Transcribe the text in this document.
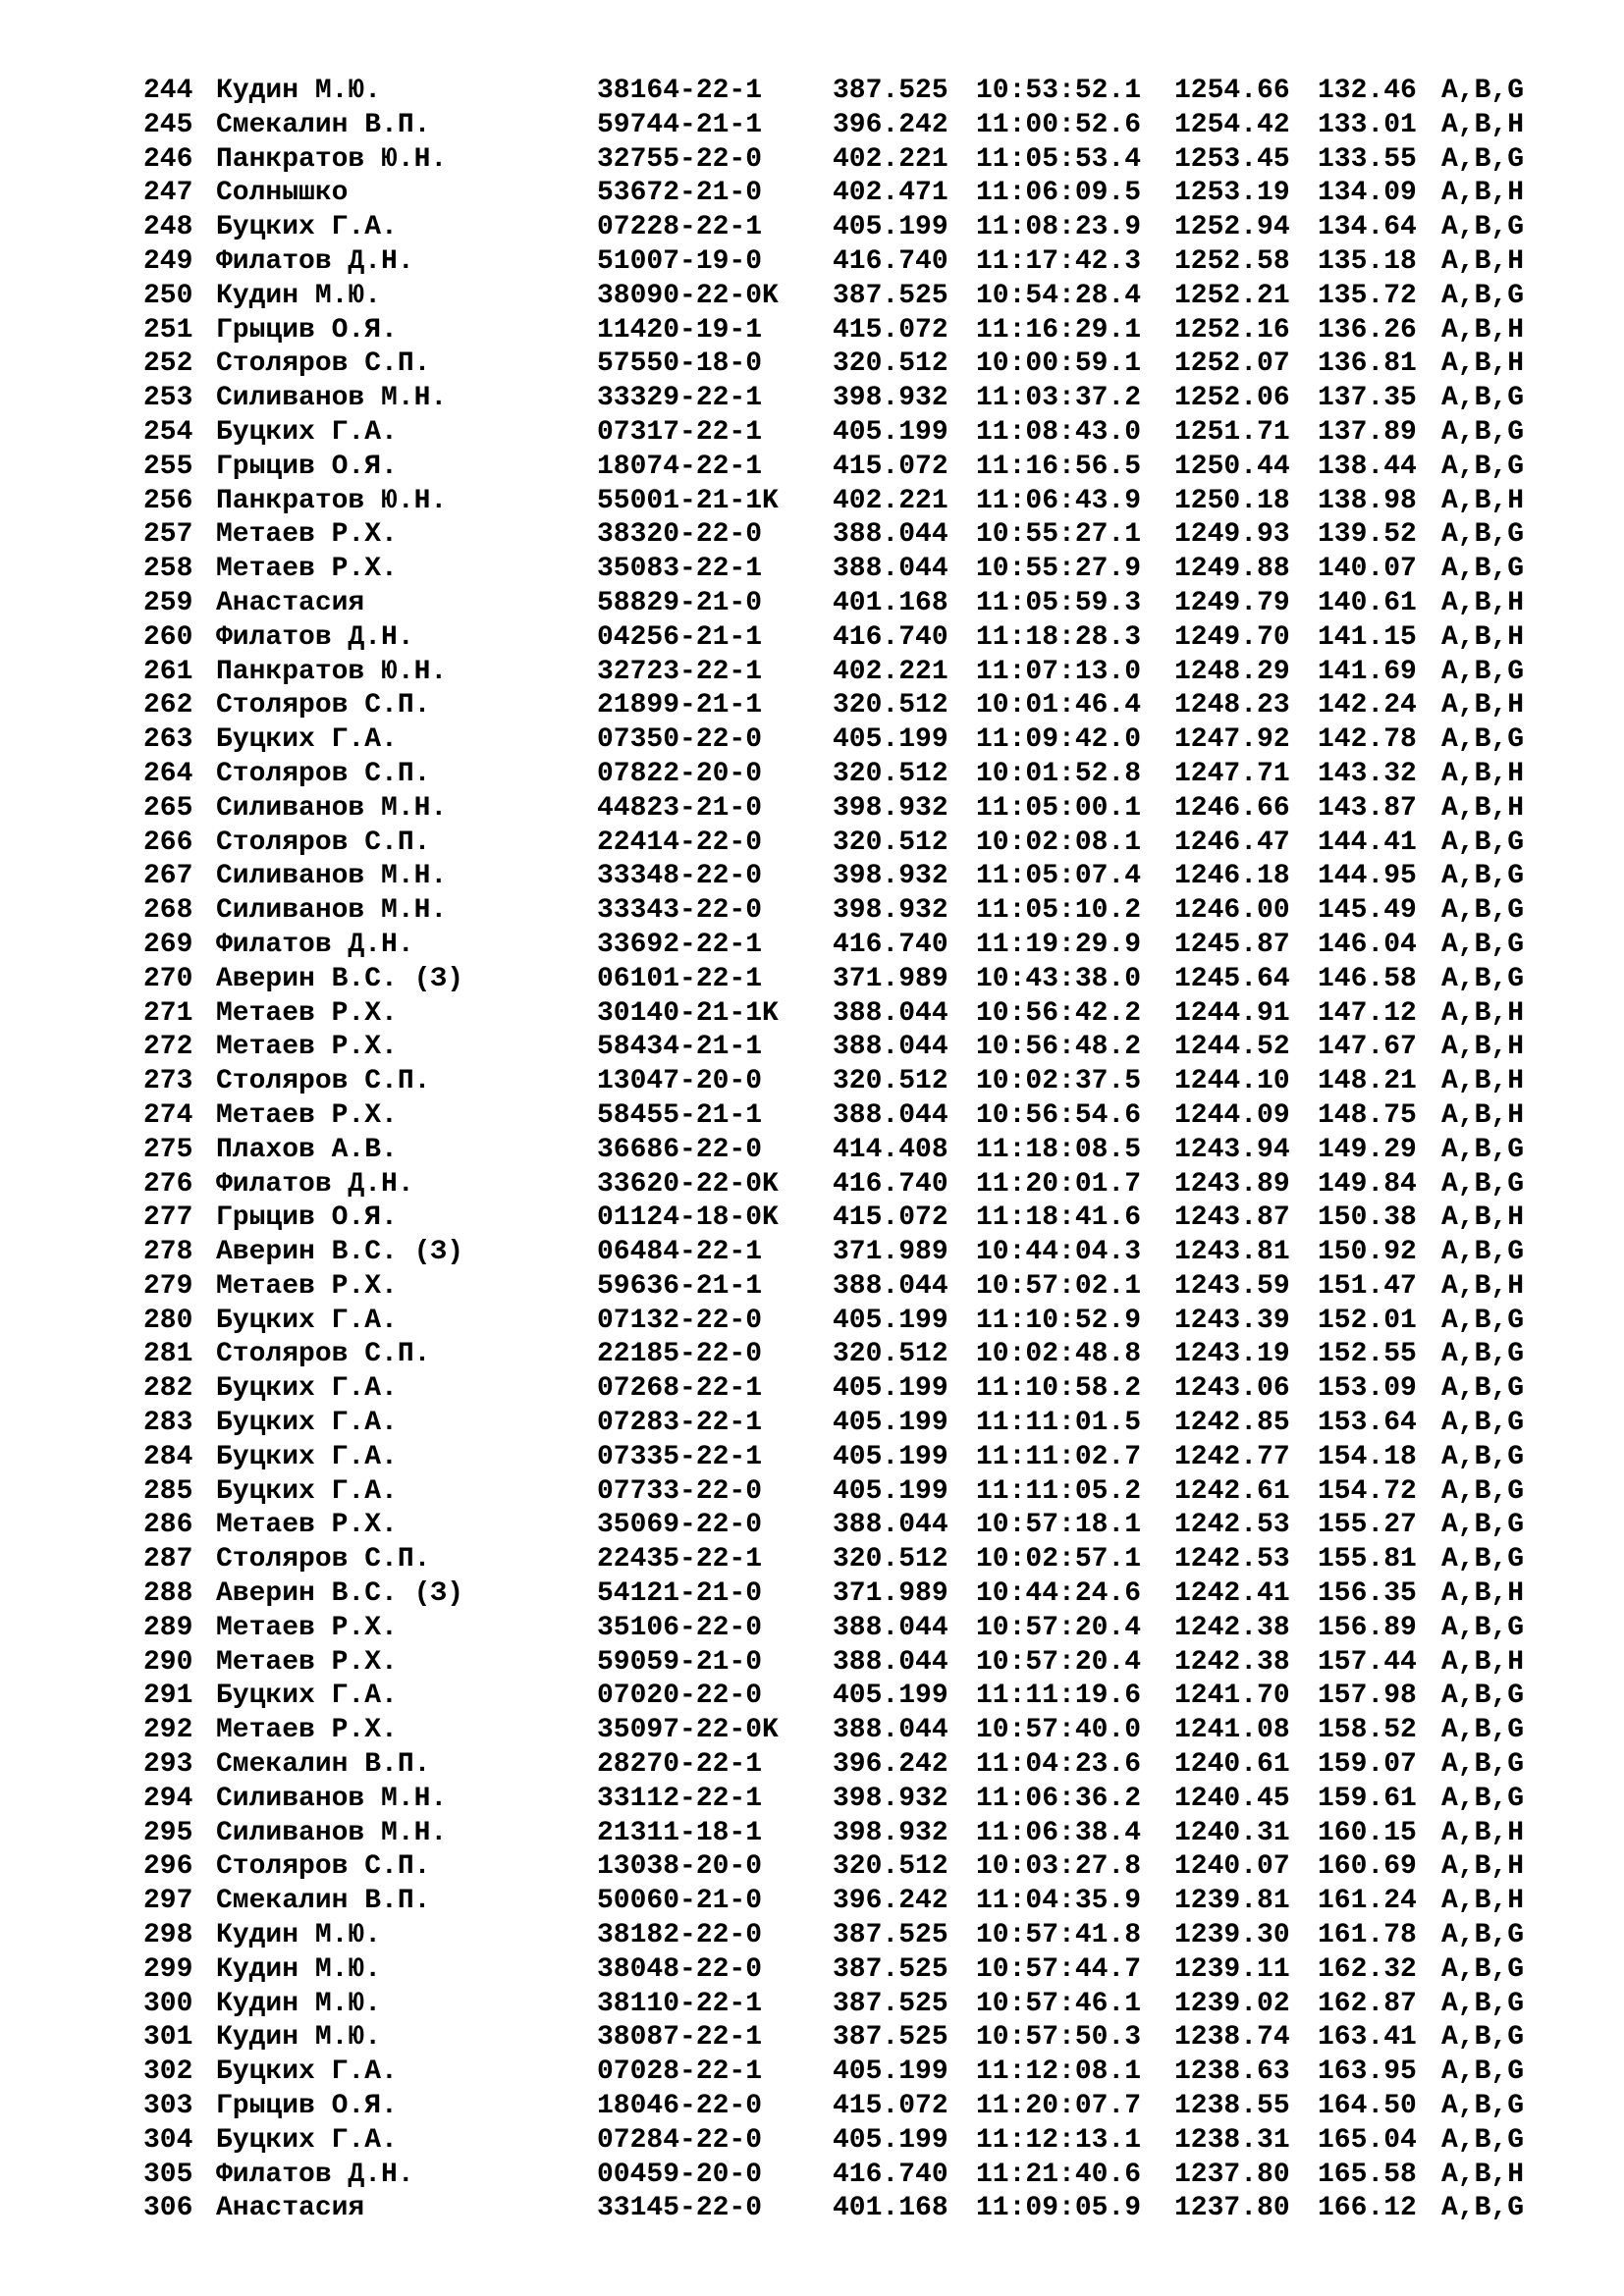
244 Кудин М.Ю.	38164-22-1	387.525 10:53:52.1 1254.66 132.46 A,B,G
245 Смекалин В.П.	59744-21-1	396.242 11:00:52.6 1254.42 133.01 A,B,H
246 Панкратов Ю.Н.	32755-22-0	402.221 11:05:53.4 1253.45 133.55 A,B,G
247 Солнышко	53672-21-0	402.471 11:06:09.5 1253.19 134.09 A,B,H
248 Буцких Г.А.	07228-22-1	405.199 11:08:23.9 1252.94 134.64 A,B,G
249 Филатов Д.Н.	51007-19-0	416.740 11:17:42.3 1252.58 135.18 A,B,H
250 Кудин М.Ю.	38090-22-0K 387.525 10:54:28.4 1252.21 135.72 A,B,G
251 Грыцив О.Я.	11420-19-1	415.072 11:16:29.1 1252.16 136.26 A,B,H
252 Столяров С.П.	57550-18-0	320.512 10:00:59.1 1252.07 136.81 A,B,H
253 Силиванов М.Н.	33329-22-1	398.932 11:03:37.2 1252.06 137.35 A,B,G
254 Буцких Г.А.	07317-22-1	405.199 11:08:43.0 1251.71 137.89 A,B,G
255 Грыцив О.Я.	18074-22-1	415.072 11:16:56.5 1250.44 138.44 A,B,G
256 Панкратов Ю.Н.	55001-21-1K 402.221 11:06:43.9 1250.18 138.98 A,B,H
257 Метаев Р.Х.	38320-22-0	388.044 10:55:27.1 1249.93 139.52 A,B,G
258 Метаев Р.Х.	35083-22-1	388.044 10:55:27.9 1249.88 140.07 A,B,G
259 Анастасия	58829-21-0	401.168 11:05:59.3 1249.79 140.61 A,B,H
260 Филатов Д.Н.	04256-21-1	416.740 11:18:28.3 1249.70 141.15 A,B,H
261 Панкратов Ю.Н.	32723-22-1	402.221 11:07:13.0 1248.29 141.69 A,B,G
262 Столяров С.П.	21899-21-1	320.512 10:01:46.4 1248.23 142.24 A,B,H
263 Буцких Г.А.	07350-22-0	405.199 11:09:42.0 1247.92 142.78 A,B,G
264 Столяров С.П.	07822-20-0	320.512 10:01:52.8 1247.71 143.32 A,B,H
265 Силиванов М.Н.	44823-21-0	398.932 11:05:00.1 1246.66 143.87 A,B,H
266 Столяров С.П.	22414-22-0	320.512 10:02:08.1 1246.47 144.41 A,B,G
267 Силиванов М.Н.	33348-22-0	398.932 11:05:07.4 1246.18 144.95 A,B,G
268 Силиванов М.Н.	33343-22-0	398.932 11:05:10.2 1246.00 145.49 A,B,G
269 Филатов Д.Н.	33692-22-1	416.740 11:19:29.9 1245.87 146.04 A,B,G
270 Аверин В.С. (З)	06101-22-1	371.989 10:43:38.0 1245.64 146.58 A,B,G
271 Метаев Р.Х.	30140-21-1K 388.044 10:56:42.2 1244.91 147.12 A,B,H
272 Метаев Р.Х.	58434-21-1	388.044 10:56:48.2 1244.52 147.67 A,B,H
273 Столяров С.П.	13047-20-0	320.512 10:02:37.5 1244.10 148.21 A,B,H
274 Метаев Р.Х.	58455-21-1	388.044 10:56:54.6 1244.09 148.75 A,B,H
275 Плахов А.В.	36686-22-0	414.408 11:18:08.5 1243.94 149.29 A,B,G
276 Филатов Д.Н.	33620-22-0K 416.740 11:20:01.7 1243.89 149.84 A,B,G
277 Грыцив О.Я.	01124-18-0K 415.072 11:18:41.6 1243.87 150.38 A,B,H
278 Аверин В.С. (З)	06484-22-1	371.989 10:44:04.3 1243.81 150.92 A,B,G
279 Метаев Р.Х.	59636-21-1	388.044 10:57:02.1 1243.59 151.47 A,B,H
280 Буцких Г.А.	07132-22-0	405.199 11:10:52.9 1243.39 152.01 A,B,G
281 Столяров С.П.	22185-22-0	320.512 10:02:48.8 1243.19 152.55 A,B,G
282 Буцких Г.А.	07268-22-1	405.199 11:10:58.2 1243.06 153.09 A,B,G
283 Буцких Г.А.	07283-22-1	405.199 11:11:01.5 1242.85 153.64 A,B,G
284 Буцких Г.А.	07335-22-1	405.199 11:11:02.7 1242.77 154.18 A,B,G
285 Буцких Г.А.	07733-22-0	405.199 11:11:05.2 1242.61 154.72 A,B,G
286 Метаев Р.Х.	35069-22-0	388.044 10:57:18.1 1242.53 155.27 A,B,G
287 Столяров С.П.	22435-22-1	320.512 10:02:57.1 1242.53 155.81 A,B,G
288 Аверин В.С. (З)	54121-21-0	371.989 10:44:24.6 1242.41 156.35 A,B,H
289 Метаев Р.Х.	35106-22-0	388.044 10:57:20.4 1242.38 156.89 A,B,G
290 Метаев Р.Х.	59059-21-0	388.044 10:57:20.4 1242.38 157.44 A,B,H
291 Буцких Г.А.	07020-22-0	405.199 11:11:19.6 1241.70 157.98 A,B,G
292 Метаев Р.Х.	35097-22-0K 388.044 10:57:40.0 1241.08 158.52 A,B,G
293 Смекалин В.П.	28270-22-1	396.242 11:04:23.6 1240.61 159.07 A,B,G
294 Силиванов М.Н.	33112-22-1	398.932 11:06:36.2 1240.45 159.61 A,B,G
295 Силиванов М.Н.	21311-18-1	398.932 11:06:38.4 1240.31 160.15 A,B,H
296 Столяров С.П.	13038-20-0	320.512 10:03:27.8 1240.07 160.69 A,B,H
297 Смекалин В.П.	50060-21-0	396.242 11:04:35.9 1239.81 161.24 A,B,H
298 Кудин М.Ю.	38182-22-0	387.525 10:57:41.8 1239.30 161.78 A,B,G
299 Кудин М.Ю.	38048-22-0	387.525 10:57:44.7 1239.11 162.32 A,B,G
300 Кудин М.Ю.	38110-22-1	387.525 10:57:46.1 1239.02 162.87 A,B,G
301 Кудин М.Ю.	38087-22-1	387.525 10:57:50.3 1238.74 163.41 A,B,G
302 Буцких Г.А.	07028-22-1	405.199 11:12:08.1 1238.63 163.95 A,B,G
303 Грыцив О.Я.	18046-22-0	415.072 11:20:07.7 1238.55 164.50 A,B,G
304 Буцких Г.А.	07284-22-0	405.199 11:12:13.1 1238.31 165.04 A,B,G
305 Филатов Д.Н.	00459-20-0	416.740 11:21:40.6 1237.80 165.58 A,B,H
306 Анастасия	33145-22-0	401.168 11:09:05.9 1237.80 166.12 A,B,G
